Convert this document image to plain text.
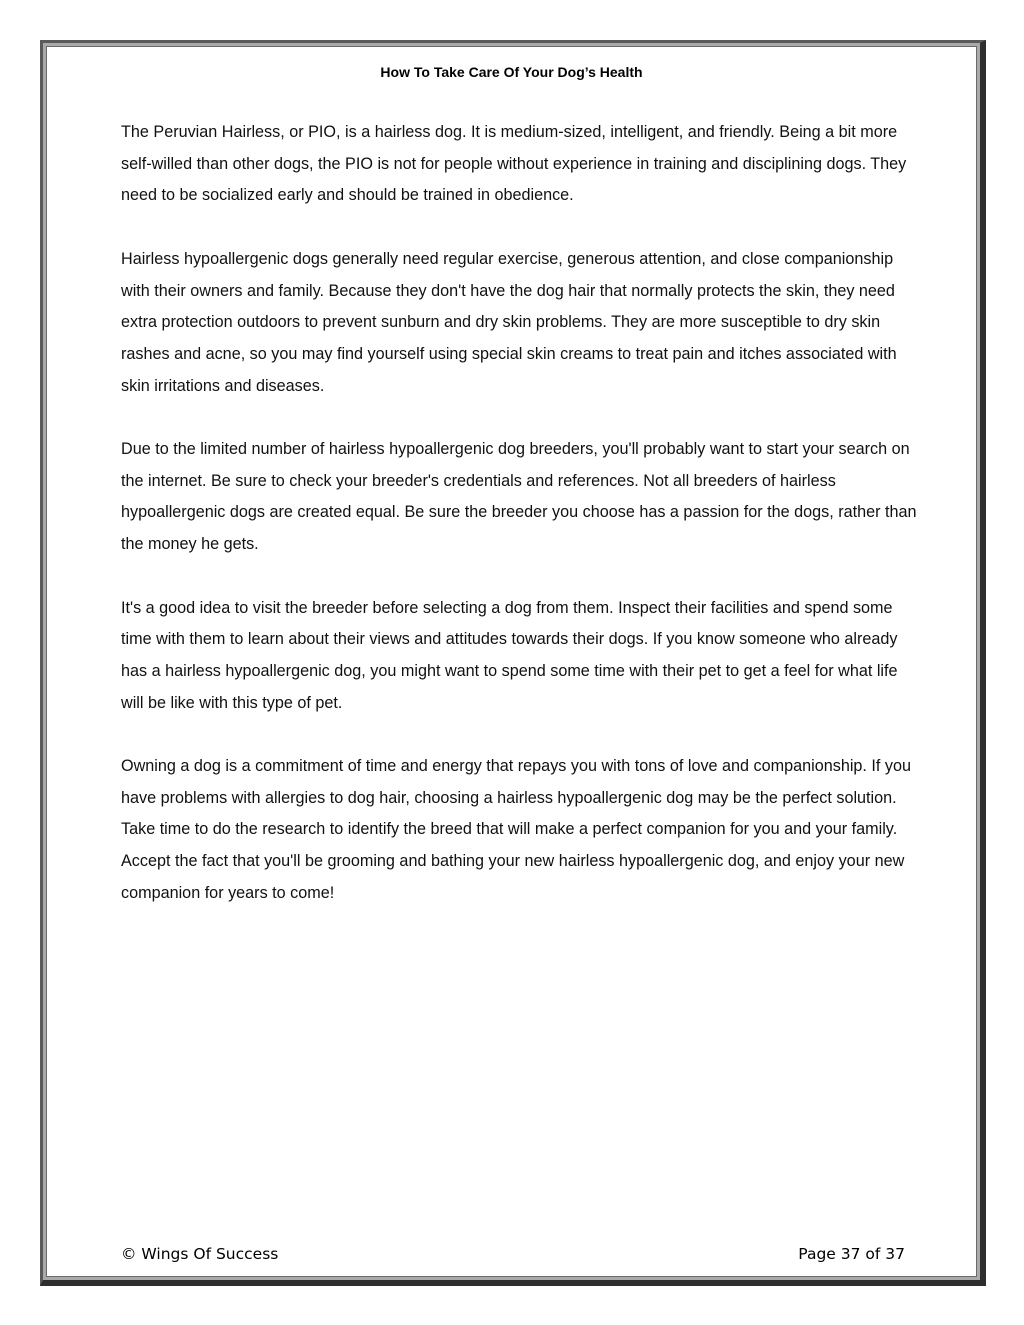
How To Take Care Of Your Dog’s Health

The Peruvian Hairless, or PIO, is a hairless dog. It is medium-sized, intelligent, and friendly. Being a bit more self-willed than other dogs, the PIO is not for people without experience in training and disciplining dogs. They need to be socialized early and should be trained in obedience.

Hairless hypoallergenic dogs generally need regular exercise, generous attention, and close companionship with their owners and family. Because they don't have the dog hair that normally protects the skin, they need extra protection outdoors to prevent sunburn and dry skin problems. They are more susceptible to dry skin rashes and acne, so you may find yourself using special skin creams to treat pain and itches associated with skin irritations and diseases.

Due to the limited number of hairless hypoallergenic dog breeders, you'll probably want to start your search on the internet. Be sure to check your breeder's credentials and references. Not all breeders of hairless hypoallergenic dogs are created equal. Be sure the breeder you choose has a passion for the dogs, rather than the money he gets.

It's a good idea to visit the breeder before selecting a dog from them. Inspect their facilities and spend some time with them to learn about their views and attitudes towards their dogs. If you know someone who already has a hairless hypoallergenic dog, you might want to spend some time with their pet to get a feel for what life will be like with this type of pet.

Owning a dog is a commitment of time and energy that repays you with tons of love and companionship. If you have problems with allergies to dog hair, choosing a hairless hypoallergenic dog may be the perfect solution. Take time to do the research to identify the breed that will make a perfect companion for you and your family. Accept the fact that you'll be grooming and bathing your new hairless hypoallergenic dog, and enjoy your new companion for years to come!

© Wings Of Success	Page 37 of 37
